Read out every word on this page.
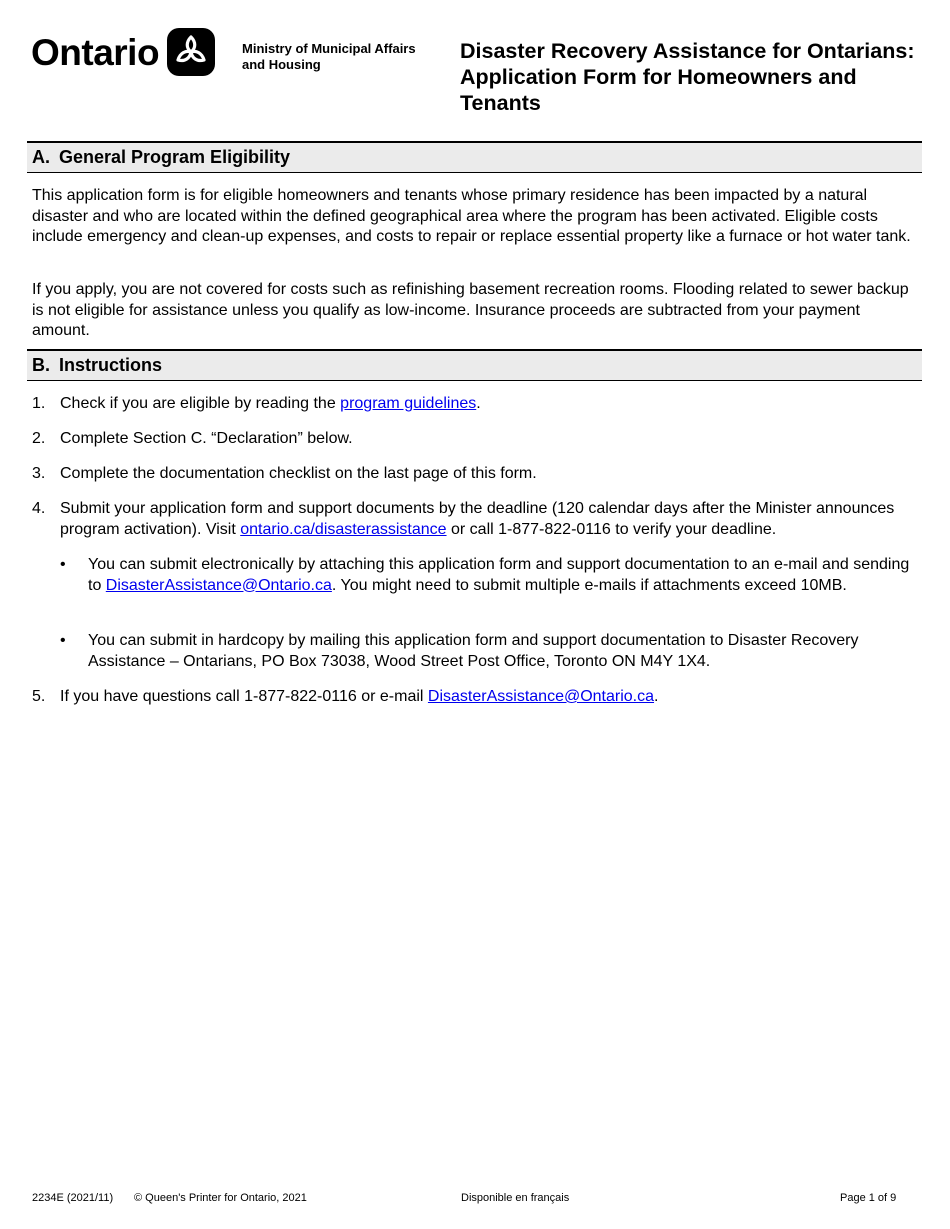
Ontario	Ministry of Municipal Affairs
and Housing
Disaster Recovery Assistance for Ontarians:
Application Form for Homeowners and
Tenants
A. General Program Eligibility
This application form is for eligible homeowners and tenants whose primary residence has been impacted by a natural disaster and who are located within the defined geographical area where the program has been activated. Eligible costs include emergency and clean-up expenses, and costs to repair or replace essential property like a furnace or hot water tank.
If you apply, you are not covered for costs such as refinishing basement recreation rooms. Flooding related to sewer backup is not eligible for assistance unless you qualify as low-income. Insurance proceeds are subtracted from your payment amount.
B. Instructions
1. Check if you are eligible by reading the program guidelines.
2. Complete Section C. “Declaration” below.
3. Complete the documentation checklist on the last page of this form.
4. Submit your application form and support documents by the deadline (120 calendar days after the Minister announces program activation). Visit ontario.ca/disasterassistance or call 1-877-822-0116 to verify your deadline.
• You can submit electronically by attaching this application form and support documentation to an e-mail and sending to DisasterAssistance@Ontario.ca. You might need to submit multiple e-mails if attachments exceed 10MB.
• You can submit in hardcopy by mailing this application form and support documentation to Disaster Recovery Assistance – Ontarians, PO Box 73038, Wood Street Post Office, Toronto ON M4Y 1X4.
5. If you have questions call 1-877-822-0116 or e-mail DisasterAssistance@Ontario.ca.
2234E (2021/11) © Queen's Printer for Ontario, 2021	Disponible en français	Page 1 of 9
